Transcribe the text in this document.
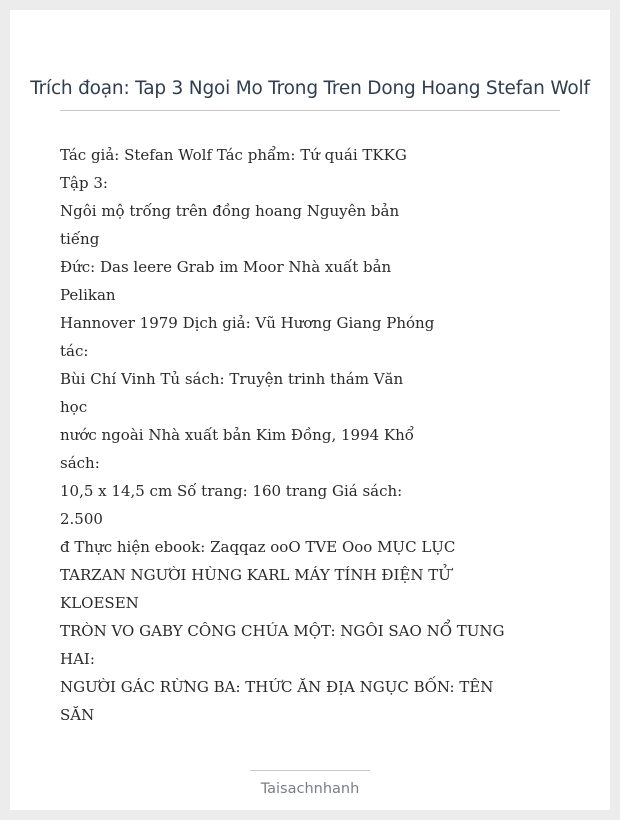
Trích đoạn: Tap 3 Ngoi Mo Trong Tren Dong Hoang Stefan Wolf
Tác giả: Stefan Wolf Tác phẩm: Tứ quái TKKG
Tập 3:
Ngôi mộ trống trên đồng hoang Nguyên bản
tiếng
Đức: Das leere Grab im Moor Nhà xuất bản
Pelikan
Hannover 1979 Dịch giả: Vũ Hương Giang Phóng
tác:
Bùi Chí Vinh Tủ sách: Truyện trinh thám Văn
học
nước ngoài Nhà xuất bản Kim Đồng, 1994 Khổ
sách:
10,5 x 14,5 cm Số trang: 160 trang Giá sách:
2.500
đ Thực hiện ebook: Zaqqaz ooO TVE Ooo MỤC LỤC
TARZAN NGƯỜI HÙNG KARL MÁY TÍNH ĐIỆN TỬ
KLOESEN
TRÒN VO GABY CÔNG CHÚA MỘT: NGÔI SAO NỔ TUNG
HAI:
NGƯỜI GÁC RỪNG BA: THỨC ĂN ĐỊA NGỤC BỐN: TÊN
SĂN
Taisachnhanh
